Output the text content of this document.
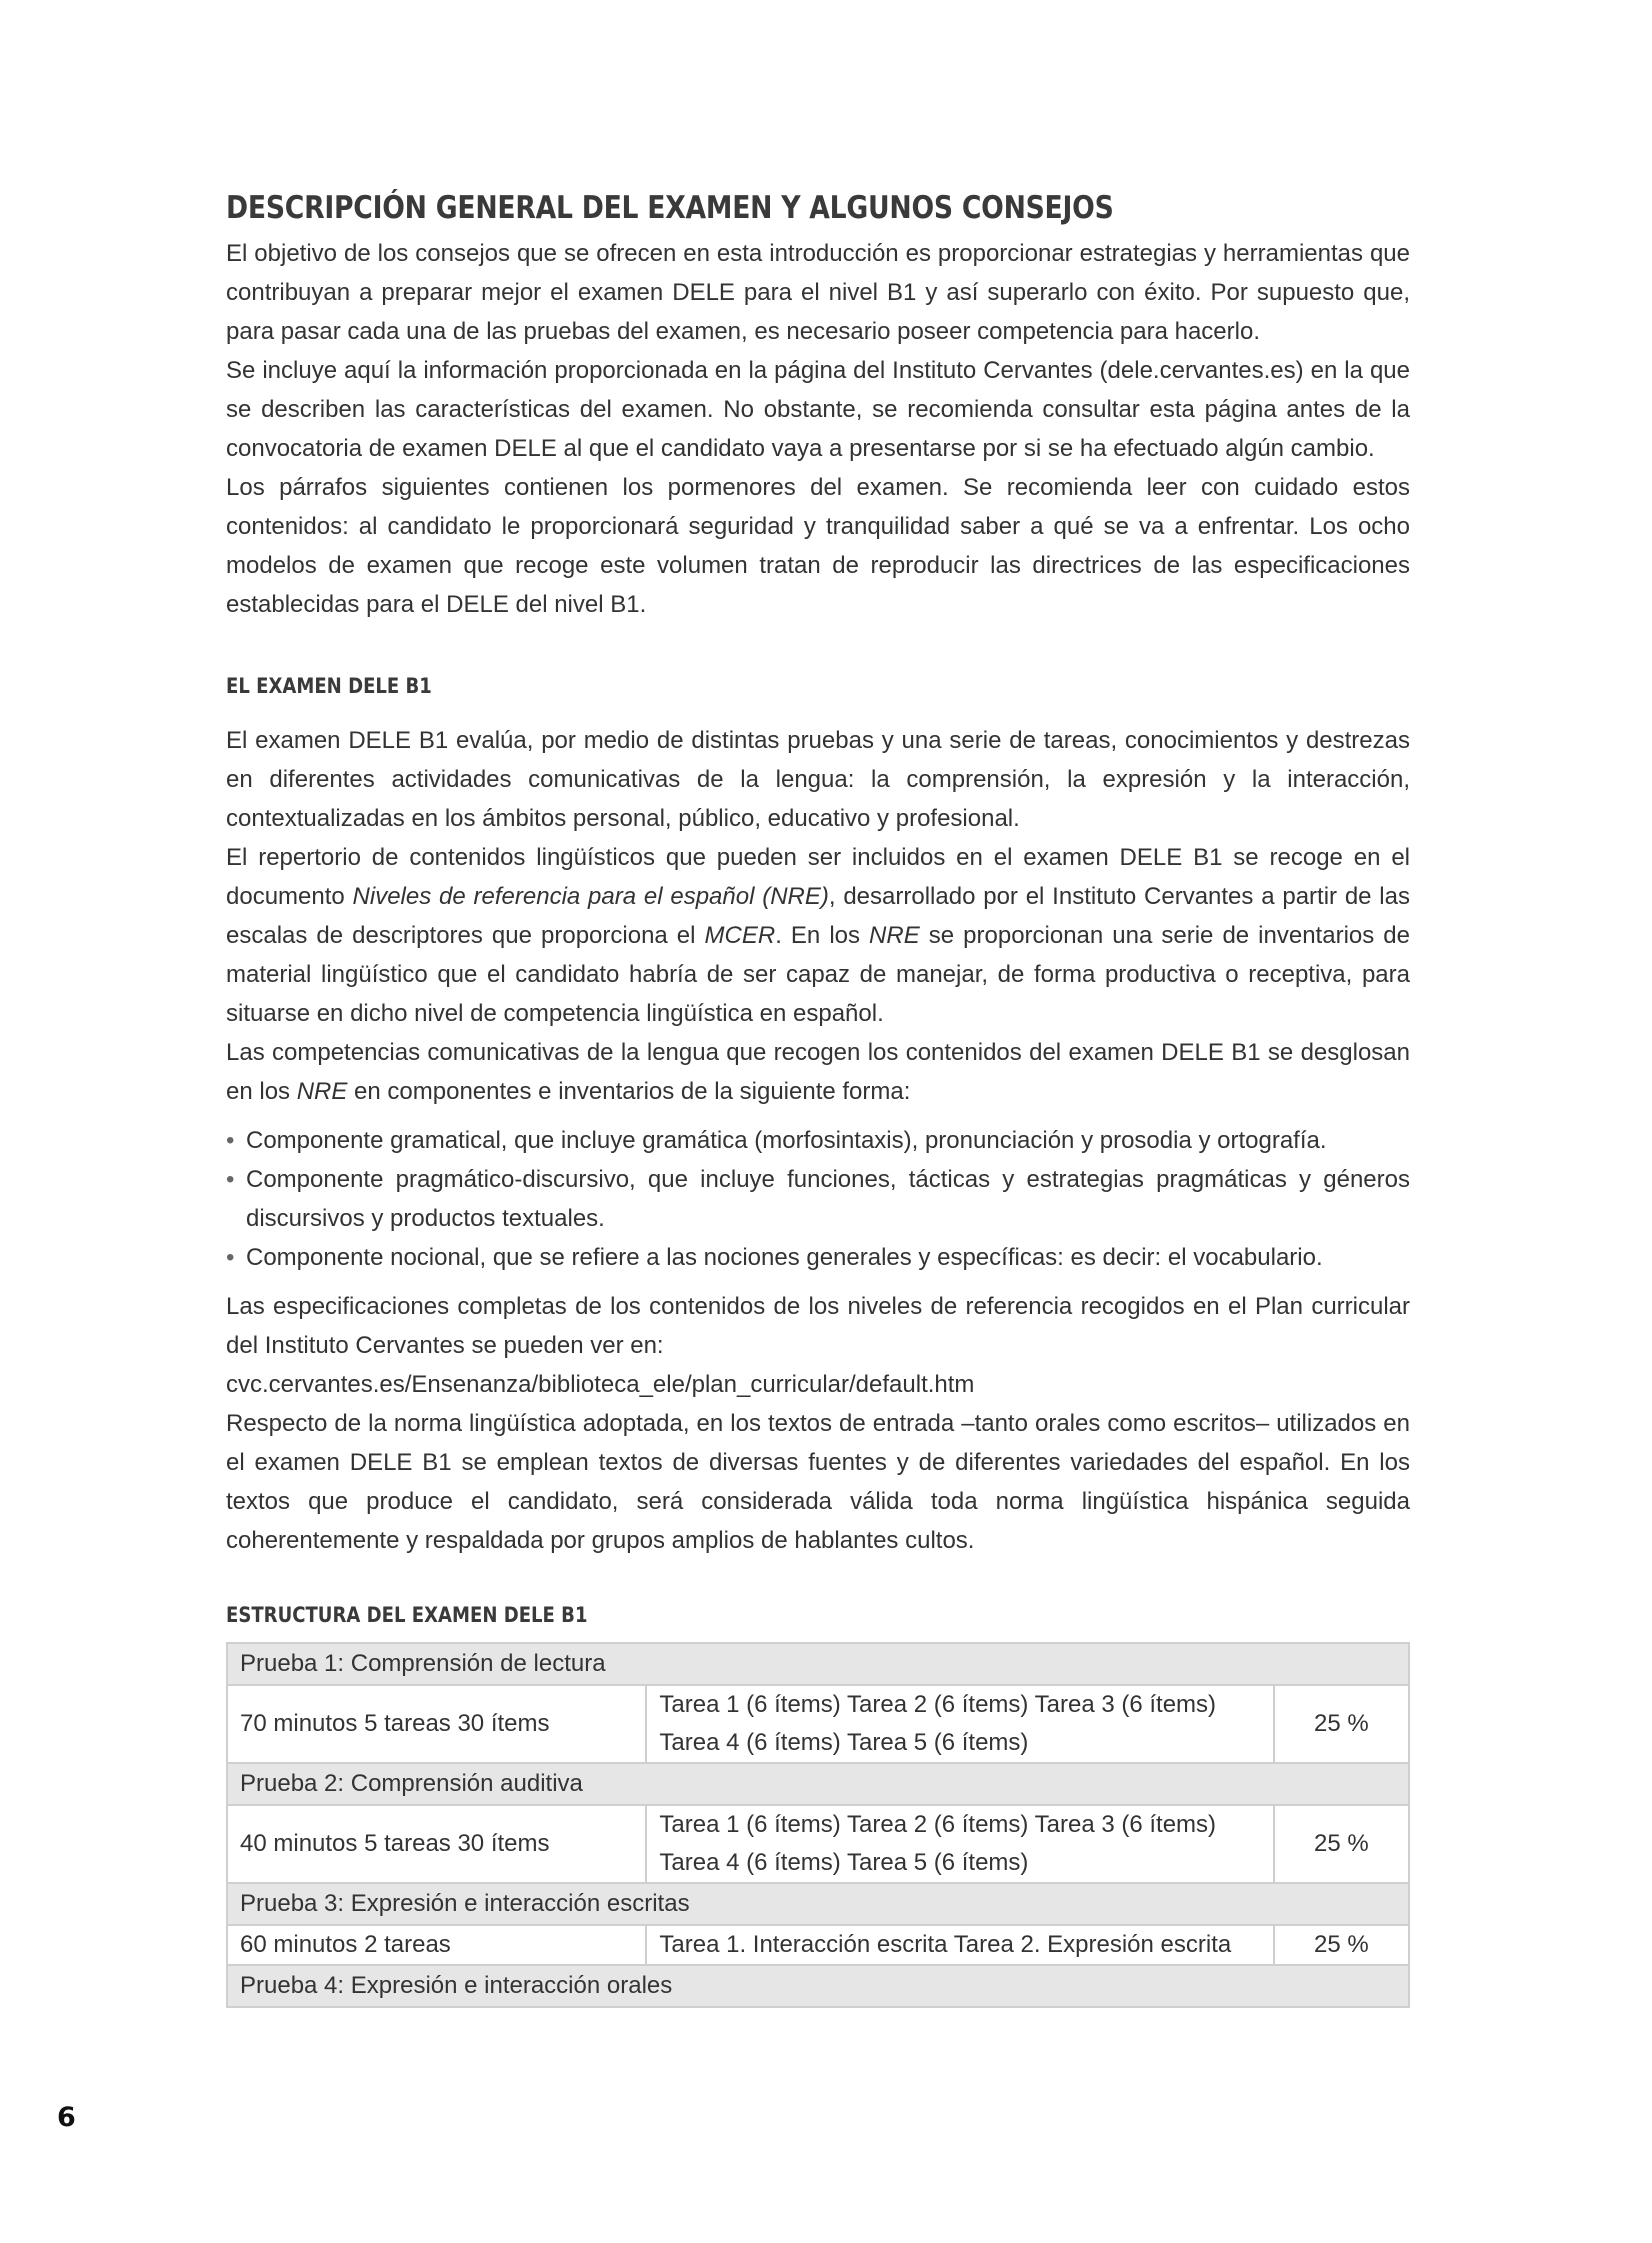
DESCRIPCIÓN GENERAL DEL EXAMEN Y ALGUNOS CONSEJOS

El objetivo de los consejos que se ofrecen en esta introducción es proporcionar estrategias y herramientas que contribuyan a preparar mejor el examen DELE para el nivel B1 y así superarlo con éxito. Por supuesto que, para pasar cada una de las pruebas del examen, es necesario poseer competencia para hacerlo.

Se incluye aquí la información proporcionada en la página del Instituto Cervantes (dele.cervantes.es) en la que se describen las características del examen. No obstante, se recomienda consultar esta página antes de la convocatoria de examen DELE al que el candidato vaya a presentarse por si se ha efectuado algún cambio.

Los párrafos siguientes contienen los pormenores del examen. Se recomienda leer con cuidado estos contenidos: al candidato le proporcionará seguridad y tranquilidad saber a qué se va a enfrentar. Los ocho modelos de examen que recoge este volumen tratan de reproducir las directrices de las especificaciones establecidas para el DELE del nivel B1.

EL EXAMEN DELE B1

El examen DELE B1 evalúa, por medio de distintas pruebas y una serie de tareas, conocimientos y destrezas en diferentes actividades comunicativas de la lengua: la comprensión, la expresión y la interacción, contextualizadas en los ámbitos personal, público, educativo y profesional.

El repertorio de contenidos lingüísticos que pueden ser incluidos en el examen DELE B1 se recoge en el documento Niveles de referencia para el español (NRE), desarrollado por el Instituto Cervantes a partir de las escalas de descriptores que proporciona el MCER. En los NRE se proporcionan una serie de inventarios de material lingüístico que el candidato habría de ser capaz de manejar, de forma productiva o receptiva, para situarse en dicho nivel de competencia lingüística en español.

Las competencias comunicativas de la lengua que recogen los contenidos del examen DELE B1 se desglosan en los NRE en componentes e inventarios de la siguiente forma:

• Componente gramatical, que incluye gramática (morfosintaxis), pronunciación y prosodia y ortografía.
• Componente pragmático-discursivo, que incluye funciones, tácticas y estrategias pragmáticas y géneros discursivos y productos textuales.
• Componente nocional, que se refiere a las nociones generales y específicas: es decir: el vocabulario.

Las especificaciones completas de los contenidos de los niveles de referencia recogidos en el Plan curricular del Instituto Cervantes se pueden ver en:

cvc.cervantes.es/Ensenanza/biblioteca_ele/plan_curricular/default.htm

Respecto de la norma lingüística adoptada, en los textos de entrada –tanto orales como escritos– utilizados en el examen DELE B1 se emplean textos de diversas fuentes y de diferentes variedades del español. En los textos que produce el candidato, será considerada válida toda norma lingüística hispánica seguida coherentemente y respaldada por grupos amplios de hablantes cultos.

ESTRUCTURA DEL EXAMEN DELE B1
Prueba 1: Comprensión de lectura		
70 minutos 5 tareas 30 ítems	Tarea 1 (6 ítems) Tarea 2 (6 ítems) Tarea 3 (6 ítems)
Tarea 4 (6 ítems) Tarea 5 (6 ítems)	25 %
Prueba 2: Comprensión auditiva		
40 minutos 5 tareas 30 ítems	Tarea 1 (6 ítems) Tarea 2 (6 ítems) Tarea 3 (6 ítems)
Tarea 4 (6 ítems) Tarea 5 (6 ítems)	25 %
Prueba 3: Expresión e interacción escritas		
60 minutos 2 tareas	Tarea 1. Interacción escrita Tarea 2. Expresión escrita	25 %
Prueba 4: Expresión e interacción orales		
6
